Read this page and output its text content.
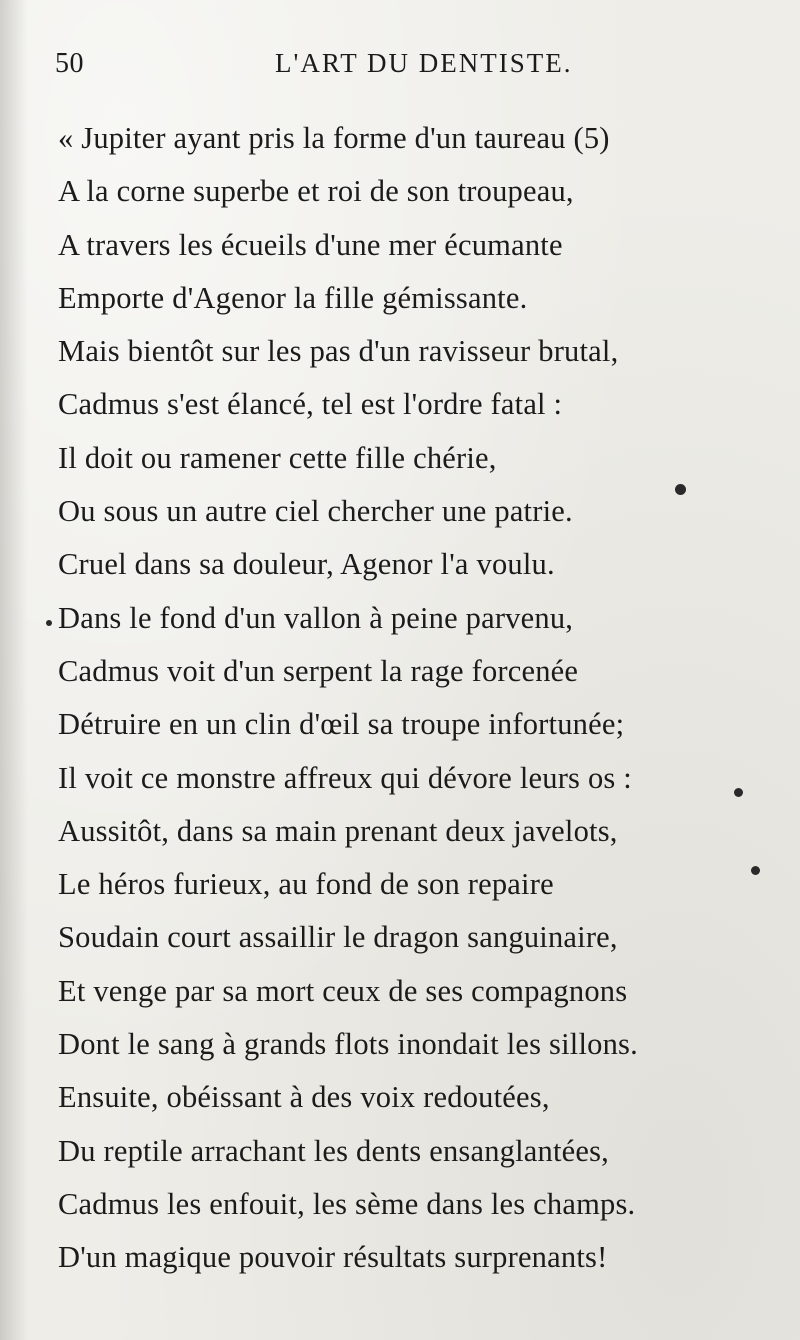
50	L'ART DU DENTISTE.
« Jupiter ayant pris la forme d'un taureau (5)
A la corne superbe et roi de son troupeau,
A travers les écueils d'une mer écumante
Emporte d'Agenor la fille gémissante.
Mais bientôt sur les pas d'un ravisseur brutal,
Cadmus s'est élancé, tel est l'ordre fatal :
Il doit ou ramener cette fille chérie,
Ou sous un autre ciel chercher une patrie.
Cruel dans sa douleur, Agenor l'a voulu.
Dans le fond d'un vallon à peine parvenu,
Cadmus voit d'un serpent la rage forcenée
Détruire en un clin d'œil sa troupe infortunée;
Il voit ce monstre affreux qui dévore leurs os :
Aussitôt, dans sa main prenant deux javelots,
Le héros furieux, au fond de son repaire
Soudain court assaillir le dragon sanguinaire,
Et venge par sa mort ceux de ses compagnons
Dont le sang à grands flots inondait les sillons.
Ensuite, obéissant à des voix redoutées,
Du reptile arrachant les dents ensanglantées,
Cadmus les enfouit, les sème dans les champs.
D'un magique pouvoir résultats surprenants!
